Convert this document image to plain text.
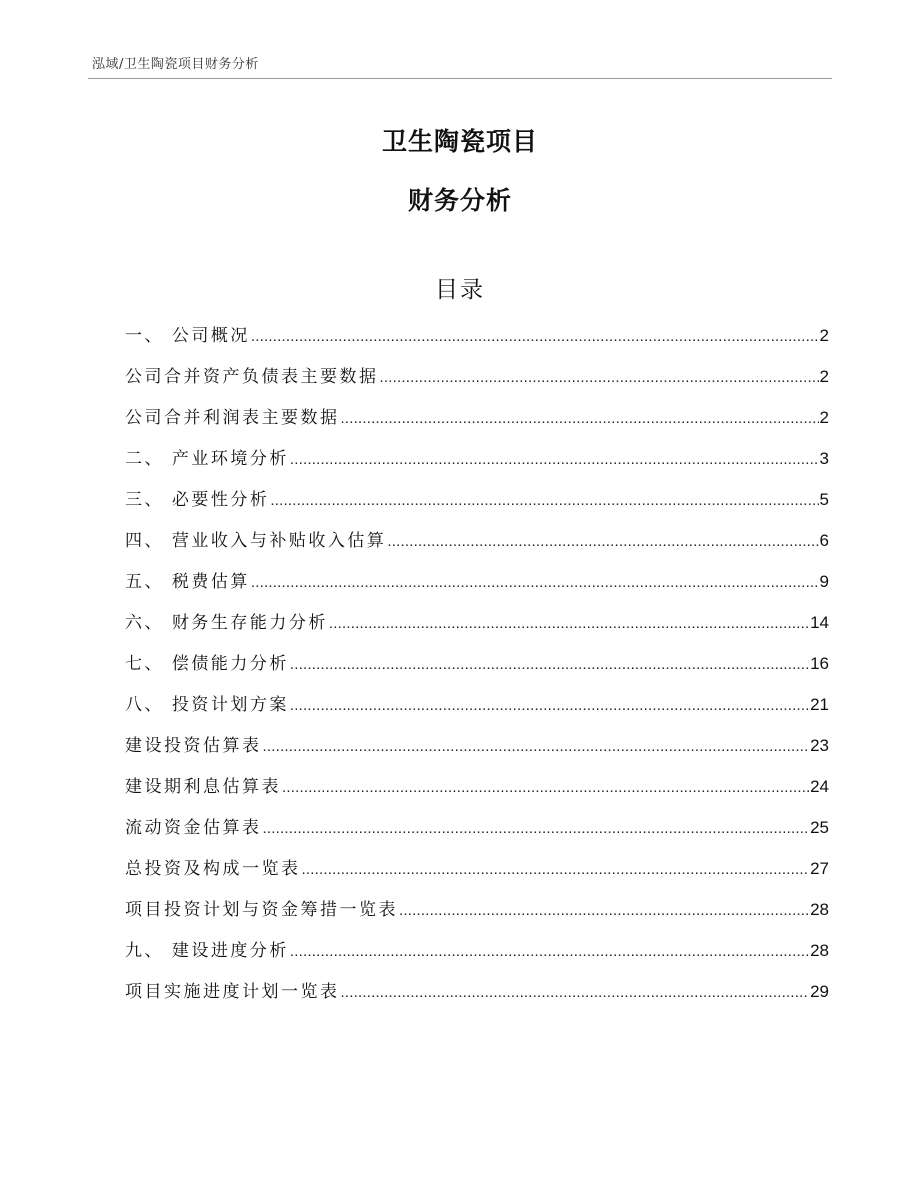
泓域/卫生陶瓷项目财务分析
卫生陶瓷项目
财务分析
目录
一、 公司概况 .....	2
公司合并资产负债表主要数据 .....	2
公司合并利润表主要数据 .....	2
二、 产业环境分析 .....	3
三、 必要性分析 .....	5
四、 营业收入与补贴收入估算 .....	6
五、 税费估算 .....	9
六、 财务生存能力分析 .....	14
七、 偿债能力分析 .....	16
八、 投资计划方案 .....	21
建设投资估算表 .....	23
建设期利息估算表 .....	24
流动资金估算表 .....	25
总投资及构成一览表 .....	27
项目投资计划与资金筹措一览表 .....	28
九、 建设进度分析 .....	28
项目实施进度计划一览表 .....	29
